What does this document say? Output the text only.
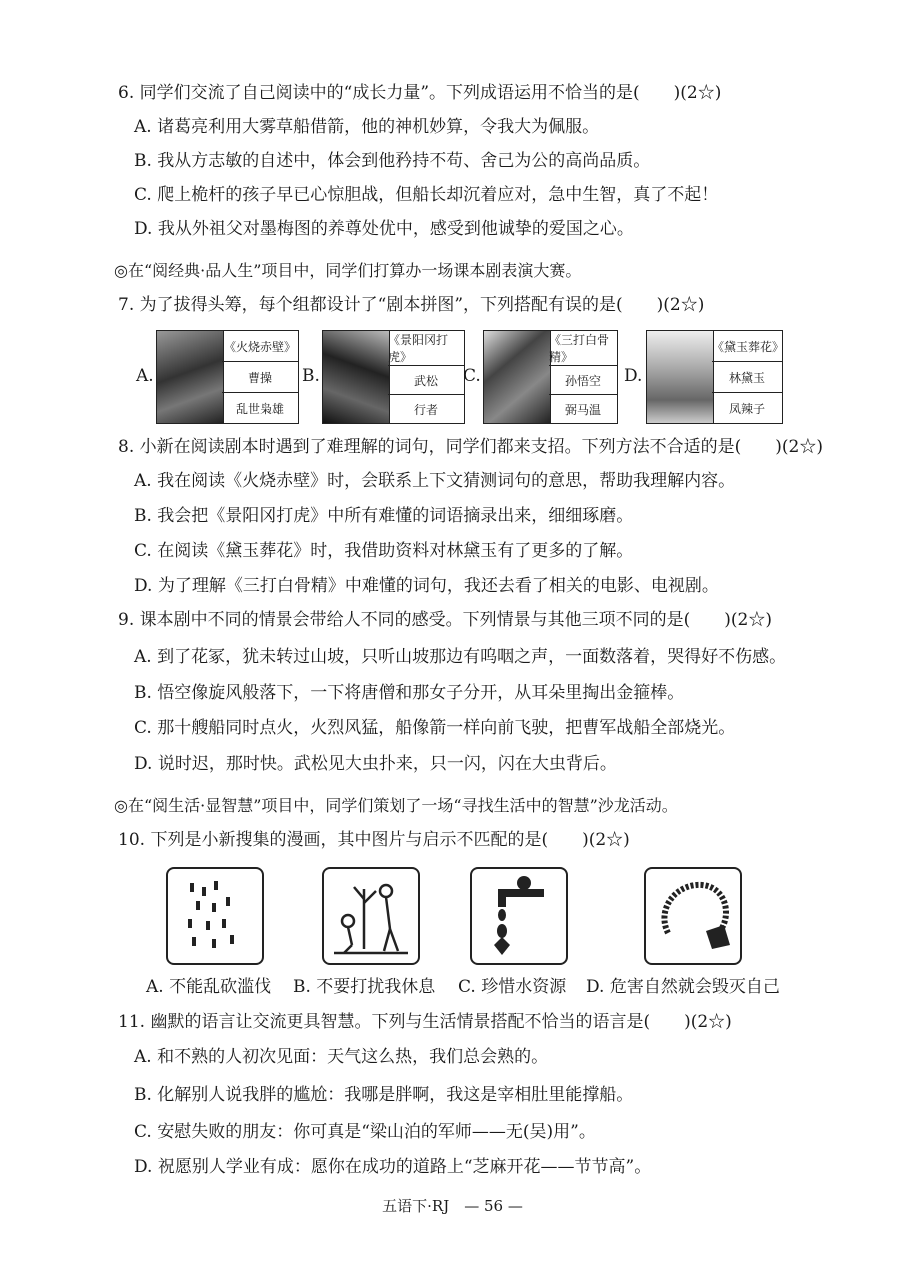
6. 同学们交流了自己阅读中的“成长力量”。下列成语运用不恰当的是(　　)(2☆)
A. 诸葛亮利用大雾草船借箭，他的神机妙算，令我大为佩服。
B. 我从方志敏的自述中，体会到他矜持不苟、舍己为公的高尚品质。
C. 爬上桅杆的孩子早已心惊胆战，但船长却沉着应对，急中生智，真了不起！
D. 我从外祖父对墨梅图的养尊处优中，感受到他诚挚的爱国之心。
◎在“阅经典·品人生”项目中，同学们打算办一场课本剧表演大赛。
7. 为了拔得头筹，每个组都设计了“剧本拼图”，下列搭配有误的是(　　)(2☆)
A.
《火烧赤壁》
曹操
乱世枭雄
B.
《景阳冈打虎》
武松
行者
C.
《三打白骨精》
孙悟空
弼马温
D.
《黛玉葬花》
林黛玉
凤辣子
8. 小新在阅读剧本时遇到了难理解的词句，同学们都来支招。下列方法不合适的是(　　)(2☆)
A. 我在阅读《火烧赤壁》时，会联系上下文猜测词句的意思，帮助我理解内容。
B. 我会把《景阳冈打虎》中所有难懂的词语摘录出来，细细琢磨。
C. 在阅读《黛玉葬花》时，我借助资料对林黛玉有了更多的了解。
D. 为了理解《三打白骨精》中难懂的词句，我还去看了相关的电影、电视剧。
9. 课本剧中不同的情景会带给人不同的感受。下列情景与其他三项不同的是(　　)(2☆)
A. 到了花冢，犹未转过山坡，只听山坡那边有呜咽之声，一面数落着，哭得好不伤感。
B. 悟空像旋风般落下，一下将唐僧和那女子分开，从耳朵里掏出金箍棒。
C. 那十艘船同时点火，火烈风猛，船像箭一样向前飞驶，把曹军战船全部烧光。
D. 说时迟，那时快。武松见大虫扑来，只一闪，闪在大虫背后。
◎在“阅生活·显智慧”项目中，同学们策划了一场“寻找生活中的智慧”沙龙活动。
10. 下列是小新搜集的漫画，其中图片与启示不匹配的是(　　)(2☆)
A. 不能乱砍滥伐 B. 不要打扰我休息 C. 珍惜水资源 D. 危害自然就会毁灭自己
11. 幽默的语言让交流更具智慧。下列与生活情景搭配不恰当的语言是(　　)(2☆)
A. 和不熟的人初次见面：天气这么热，我们总会熟的。
B. 化解别人说我胖的尴尬：我哪是胖啊，我这是宰相肚里能撑船。
C. 安慰失败的朋友：你可真是“梁山泊的军师——无(吴)用”。
D. 祝愿别人学业有成：愿你在成功的道路上“芝麻开花——节节高”。
五语下·RJ　— 56 —
